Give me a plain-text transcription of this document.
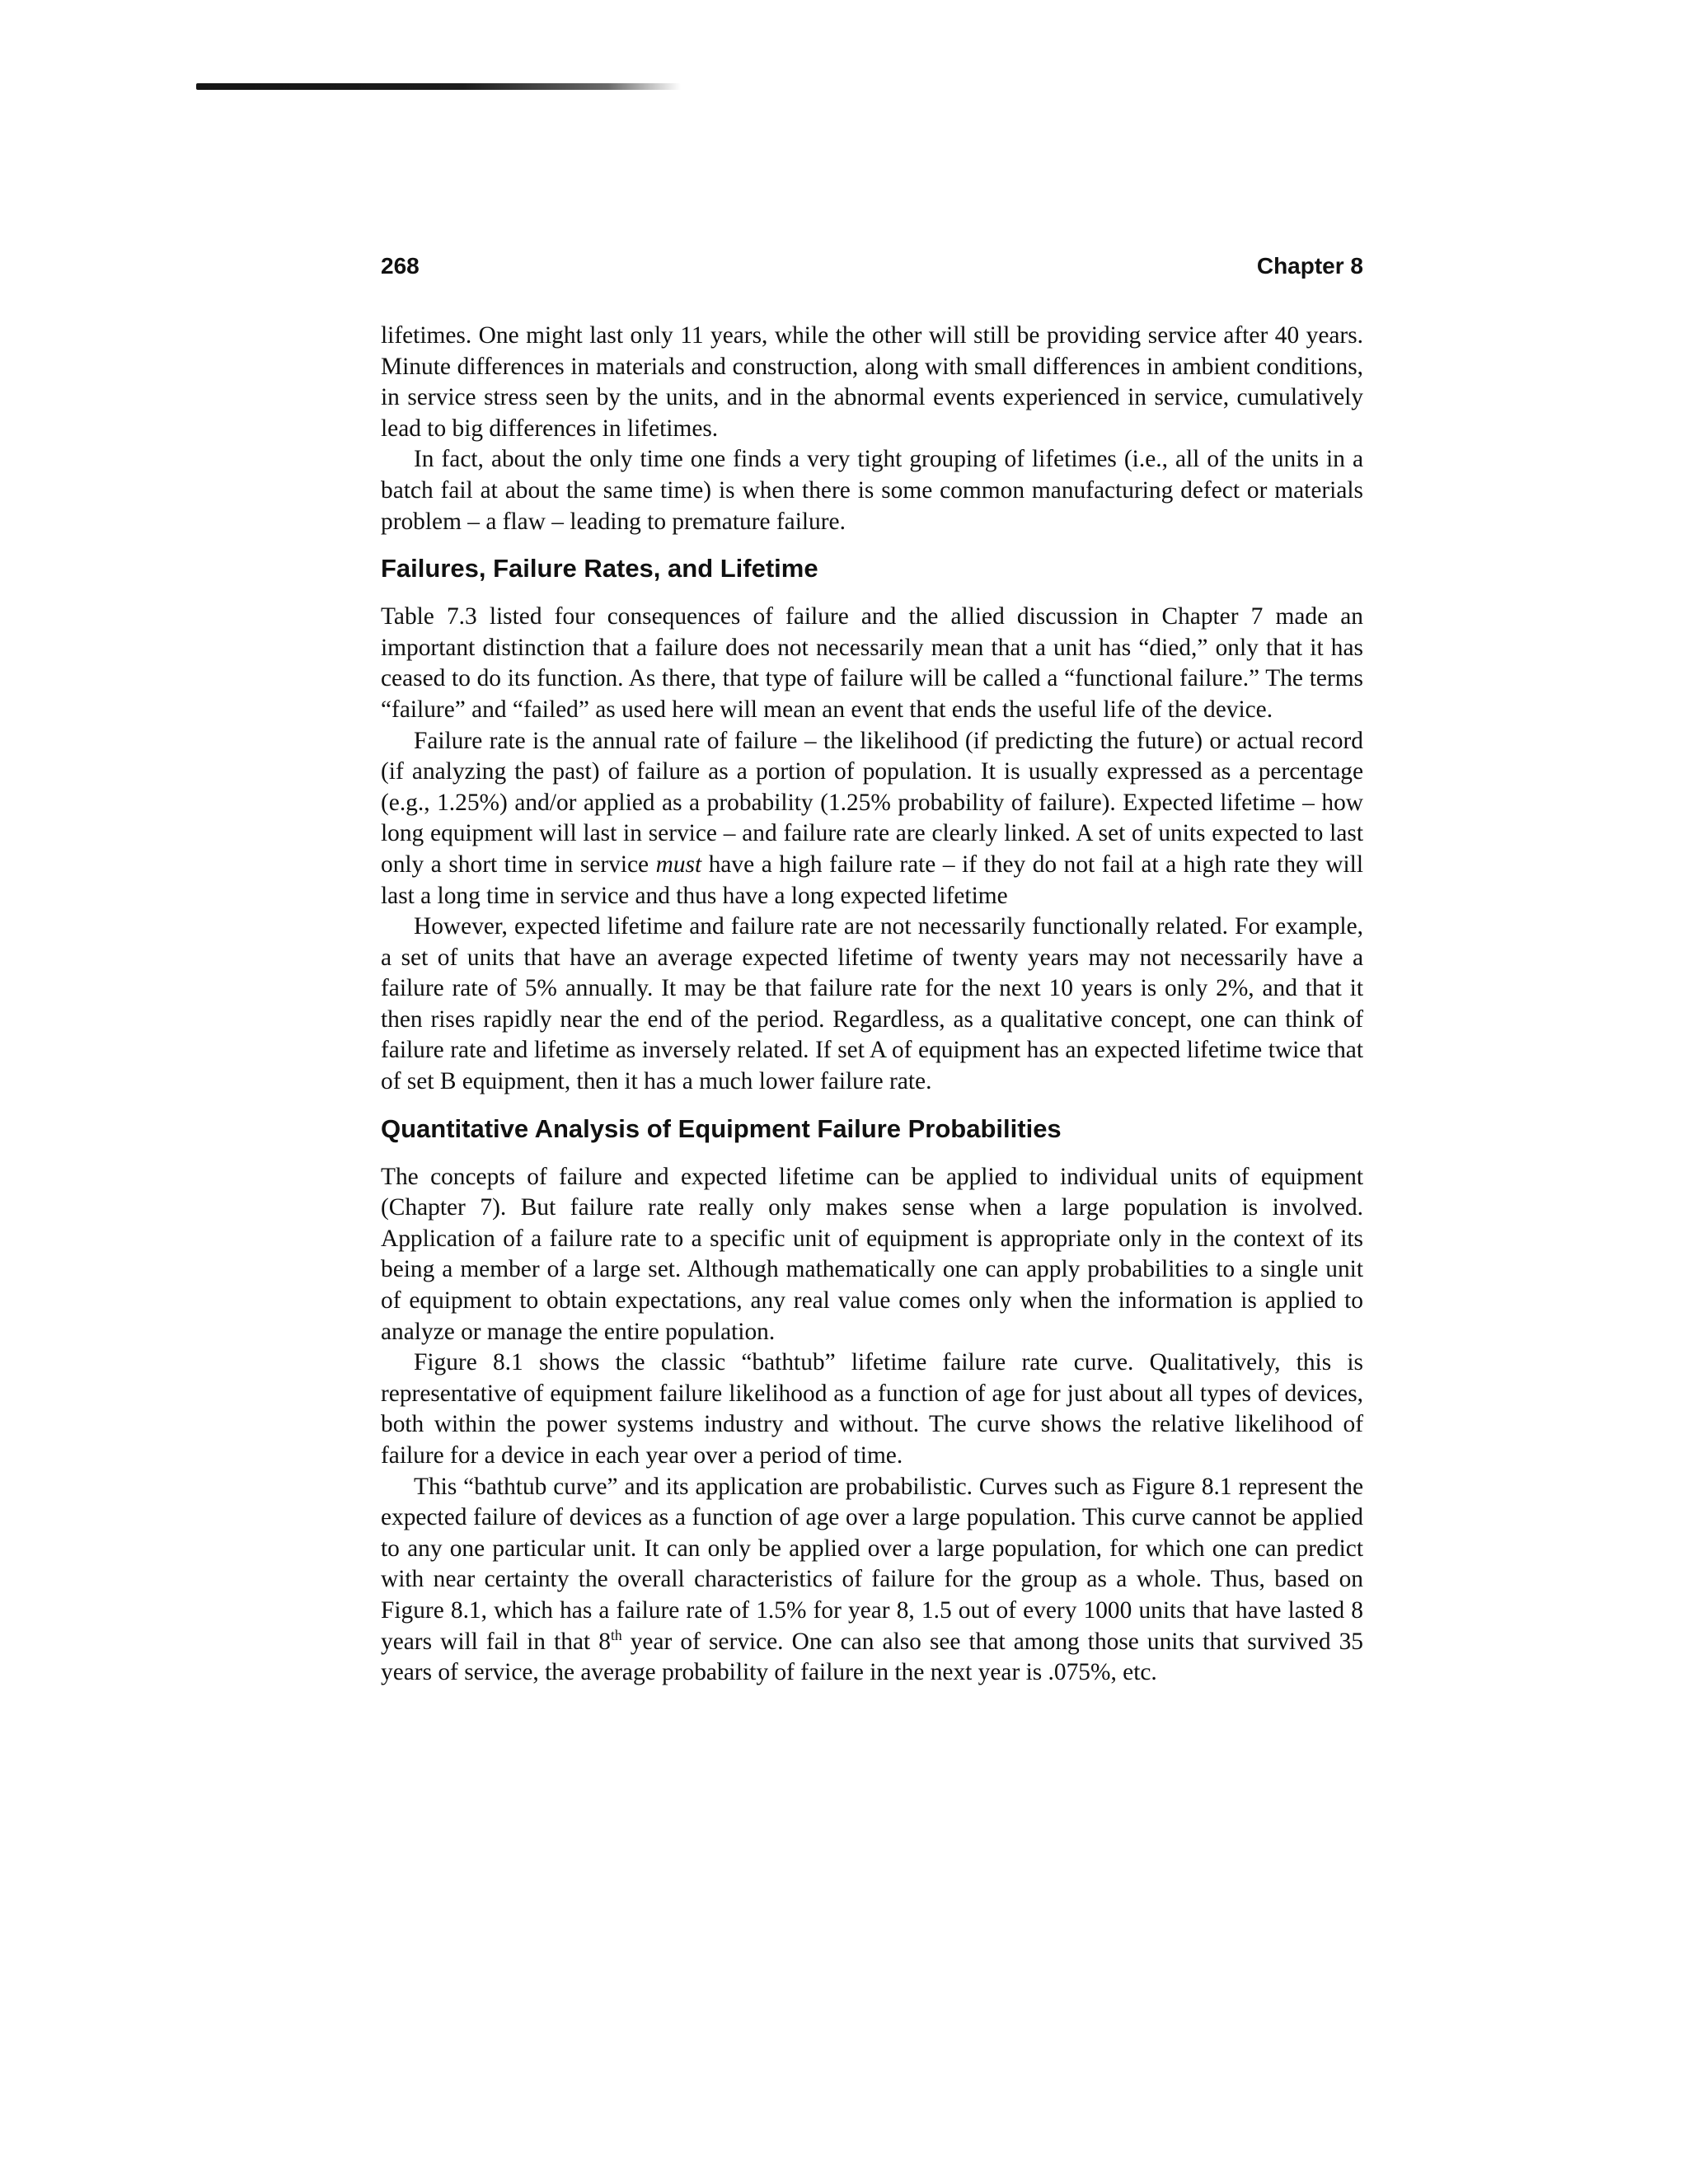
268	Chapter 8

lifetimes. One might last only 11 years, while the other will still be providing service after 40 years. Minute differences in materials and construction, along with small differences in ambient conditions, in service stress seen by the units, and in the abnormal events experienced in service, cumulatively lead to big differences in lifetimes.

In fact, about the only time one finds a very tight grouping of lifetimes (i.e., all of the units in a batch fail at about the same time) is when there is some common manufacturing defect or materials problem – a flaw – leading to premature failure.

Failures, Failure Rates, and Lifetime

Table 7.3 listed four consequences of failure and the allied discussion in Chapter 7 made an important distinction that a failure does not necessarily mean that a unit has “died,” only that it has ceased to do its function. As there, that type of failure will be called a “functional failure.” The terms “failure” and “failed” as used here will mean an event that ends the useful life of the device.

Failure rate is the annual rate of failure – the likelihood (if predicting the future) or actual record (if analyzing the past) of failure as a portion of population. It is usually expressed as a percentage (e.g., 1.25%) and/or applied as a probability (1.25% probability of failure). Expected lifetime – how long equipment will last in service – and failure rate are clearly linked. A set of units expected to last only a short time in service must have a high failure rate – if they do not fail at a high rate they will last a long time in service and thus have a long expected lifetime

However, expected lifetime and failure rate are not necessarily functionally related. For example, a set of units that have an average expected lifetime of twenty years may not necessarily have a failure rate of 5% annually. It may be that failure rate for the next 10 years is only 2%, and that it then rises rapidly near the end of the period. Regardless, as a qualitative concept, one can think of failure rate and lifetime as inversely related. If set A of equipment has an expected lifetime twice that of set B equipment, then it has a much lower failure rate.

Quantitative Analysis of Equipment Failure Probabilities

The concepts of failure and expected lifetime can be applied to individual units of equipment (Chapter 7). But failure rate really only makes sense when a large population is involved. Application of a failure rate to a specific unit of equipment is appropriate only in the context of its being a member of a large set. Although mathematically one can apply probabilities to a single unit of equipment to obtain expectations, any real value comes only when the information is applied to analyze or manage the entire population.

Figure 8.1 shows the classic “bathtub” lifetime failure rate curve. Qualitatively, this is representative of equipment failure likelihood as a function of age for just about all types of devices, both within the power systems industry and without. The curve shows the relative likelihood of failure for a device in each year over a period of time.

This “bathtub curve” and its application are probabilistic. Curves such as Figure 8.1 represent the expected failure of devices as a function of age over a large population. This curve cannot be applied to any one particular unit. It can only be applied over a large population, for which one can predict with near certainty the overall characteristics of failure for the group as a whole. Thus, based on Figure 8.1, which has a failure rate of 1.5% for year 8, 1.5 out of every 1000 units that have lasted 8 years will fail in that 8th year of service. One can also see that among those units that survived 35 years of service, the average probability of failure in the next year is .075%, etc.
